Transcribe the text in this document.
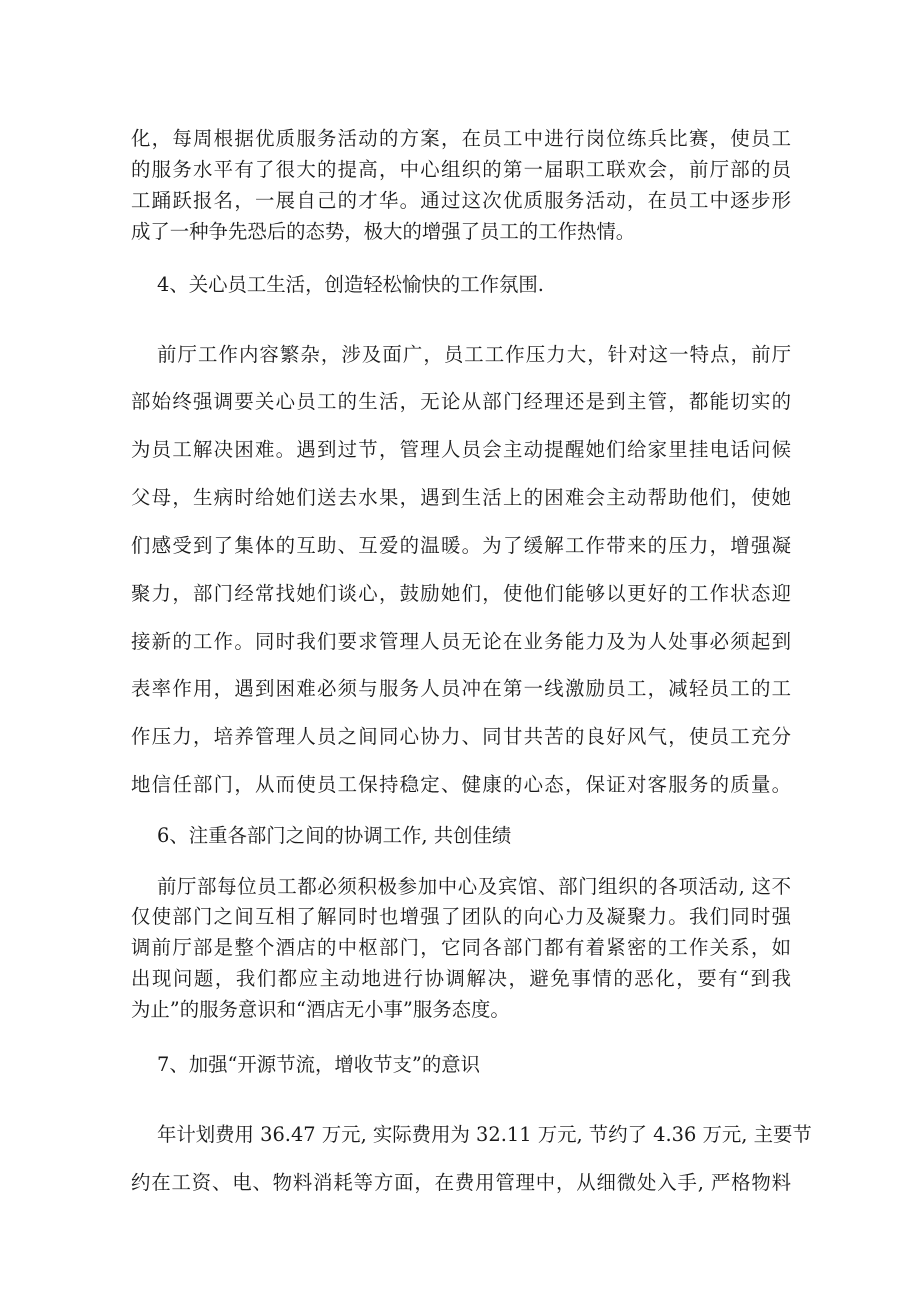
化，每周根据优质服务活动的方案，在员工中进行岗位练兵比赛，使员工
的服务水平有了很大的提高，中心组织的第一届职工联欢会，前厅部的员
工踊跃报名，一展自己的才华。通过这次优质服务活动，在员工中逐步形
成了一种争先恐后的态势，极大的增强了员工的工作热情。
4、关心员工生活，创造轻松愉快的工作氛围.
前厅工作内容繁杂，涉及面广，员工工作压力大，针对这一特点，前厅
部始终强调要关心员工的生活，无论从部门经理还是到主管，都能切实的
为员工解决困难。遇到过节，管理人员会主动提醒她们给家里挂电话问候
父母，生病时给她们送去水果，遇到生活上的困难会主动帮助他们，使她
们感受到了集体的互助、互爱的温暖。为了缓解工作带来的压力，增强凝
聚力，部门经常找她们谈心，鼓励她们，使他们能够以更好的工作状态迎
接新的工作。同时我们要求管理人员无论在业务能力及为人处事必须起到
表率作用，遇到困难必须与服务人员冲在第一线激励员工，减轻员工的工
作压力，培养管理人员之间同心协力、同甘共苦的良好风气，使员工充分
地信任部门，从而使员工保持稳定、健康的心态，保证对客服务的质量。
6、注重各部门之间的协调工作, 共创佳绩
前厅部每位员工都必须积极参加中心及宾馆、部门组织的各项活动, 这不
仅使部门之间互相了解同时也增强了团队的向心力及凝聚力。我们同时强
调前厅部是整个酒店的中枢部门，它同各部门都有着紧密的工作关系，如
出现问题，我们都应主动地进行协调解决，避免事情的恶化，要有“到我
为止”的服务意识和“酒店无小事”服务态度。
7、加强“开源节流，增收节支”的意识
年计划费用 36.47 万元, 实际费用为 32.11 万元, 节约了 4.36 万元, 主要节
约在工资、电、物料消耗等方面，在费用管理中，从细微处入手, 严格物料
